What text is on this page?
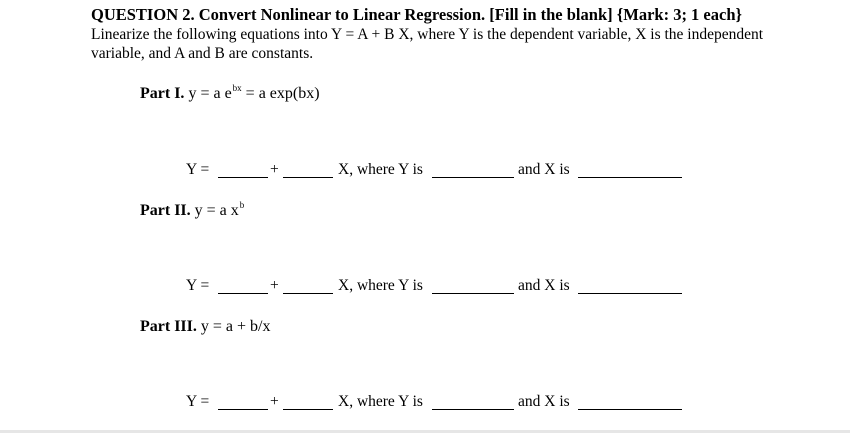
QUESTION 2. Convert Nonlinear to Linear Regression. [Fill in the blank] {Mark: 3; 1 each}
Linearize the following equations into Y = A + B X, where Y is the dependent variable, X is the independent
variable, and A and B are constants.
Part I. y = a $e^{bx} = a$ exp(bx)
Y =	+	X, where Y is	and X is
Part II. y = a $x^b$
Y =	+	X, where Y is	and X is
Part III. y = a + b/x
Y =	+	X, where Y is	and X is
